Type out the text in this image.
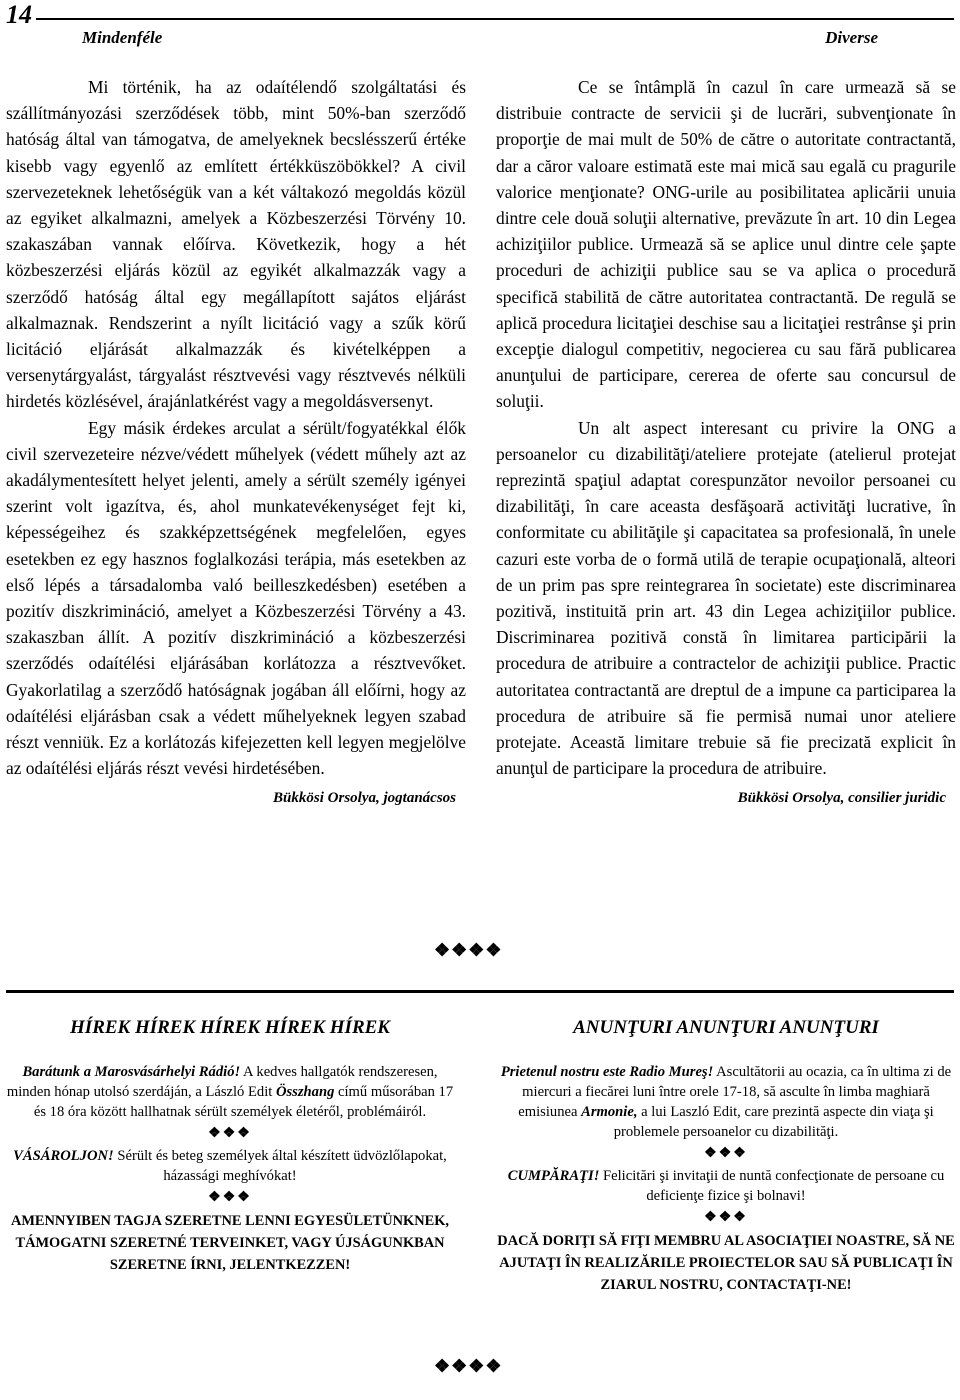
14
Mindenféle	Diverse

Mi történik, ha az odaítélendő szolgáltatási és szállítmányozási szerződések több, mint 50%-ban szerződő hatóság által van támogatva, de amelyeknek becslésszerű értéke kisebb vagy egyenlő az említett értékküszöbökkel? A civil szervezeteknek lehetőségük van a két váltakozó megoldás közül az egyiket alkalmazni, amelyek a Közbeszerzési Törvény 10. szakaszában vannak előírva. Következik, hogy a hét közbeszerzési eljárás közül az egyikét alkalmazzák vagy a szerződő hatóság által egy megállapított sajátos eljárást alkalmaznak. Rendszerint a nyílt licitáció vagy a szűk körű licitáció eljárását alkalmazzák és kivételképpen a versenytárgyalást, tárgyalást résztvevési vagy résztvevés nélküli hirdetés közlésével, árajánlatkérést vagy a megoldásversenyt.

Egy másik érdekes arculat a sérült/fogyatékkal élők civil szervezeteire nézve/védett műhelyek (védett műhely azt az akadálymentesített helyet jelenti, amely a sérült személy igényei szerint volt igazítva, és, ahol munkatevékenységet fejt ki, képességeihez és szakképzettségének megfelelően, egyes esetekben ez egy hasznos foglalkozási terápia, más esetekben az első lépés a társadalomba való beilleszkedésben) esetében a pozitív diszkrimináció, amelyet a Közbeszerzési Törvény a 43. szakaszban állít. A pozitív diszkrimináció a közbeszerzési szerződés odaítélési eljárásában korlátozza a résztvevőket. Gyakorlatilag a szerződő hatóságnak jogában áll előírni, hogy az odaítélési eljárásban csak a védett műhelyeknek legyen szabad részt venniük. Ez a korlátozás kifejezetten kell legyen megjelölve az odaítélési eljárás részt vevési hirdetésében.

Bükkösi Orsolya, jogtanácsos

Ce se întâmplă în cazul în care urmează să se distribuie contracte de servicii şi de lucrări, subvenţionate în proporţie de mai mult de 50% de către o autoritate contractantă, dar a căror valoare estimată este mai mică sau egală cu pragurile valorice menţionate? ONG-urile au posibilitatea aplicării unuia dintre cele două soluţii alternative, prevăzute în art. 10 din Legea achiziţiilor publice. Urmează să se aplice unul dintre cele şapte proceduri de achiziţii publice sau se va aplica o procedură specifică stabilită de către autoritatea contractantă. De regulă se aplică procedura licitaţiei deschise sau a licitaţiei restrânse şi prin excepţie dialogul competitiv, negocierea cu sau fără publicarea anunţului de participare, cererea de oferte sau concursul de soluţii.

Un alt aspect interesant cu privire la ONG a persoanelor cu dizabilităţi/ateliere protejate (atelierul protejat reprezintă spaţiul adaptat corespunzător nevoilor persoanei cu dizabilităţi, în care aceasta desfăşoară activităţi lucrative, în conformitate cu abilităţile şi capacitatea sa profesională, în unele cazuri este vorba de o formă utilă de terapie ocupaţională, alteori de un prim pas spre reintegrarea în societate) este discriminarea pozitivă, instituită prin art. 43 din Legea achiziţiilor publice. Discriminarea pozitivă constă în limitarea participării la procedura de atribuire a contractelor de achiziţii publice. Practic autoritatea contractantă are dreptul de a impune ca participarea la procedura de atribuire să fie permisă numai unor ateliere protejate. Această limitare trebuie să fie precizată explicit în anunţul de participare la procedura de atribuire.

Bükkösi Orsolya, consilier juridic
❖❖❖❖
HÍREK HÍREK HÍREK HÍREK HÍREK

Barátunk a Marosvásárhelyi Rádió! A kedves hallgatók rendszeresen, minden hónap utolsó szerdáján, a László Edit Összhang című műsorában 17 és 18 óra között hallhatnak sérült személyek életéről, problémáiról.

❖❖❖

VÁSÁROLJON! Sérült és beteg személyek által készített üdvözlőlapokat, házassági meghívókat!

❖❖❖
AMENNYIBEN TAGJA SZERETNE LENNI EGYESÜLETÜNKNEK, TÁMOGATNI SZERETNÉ TERVEINKET, VAGY ÚJSÁGUNKBAN SZERETNE ÍRNI, JELENTKEZZEN!
ANUNŢURI ANUNŢURI ANUNŢURI

Prietenul nostru este Radio Mureş! Ascultătorii au ocazia, ca în ultima zi de miercuri a fiecărei luni între orele 17-18, să asculte în limba maghiară emisiunea Armonie, a lui Laszló Edit, care prezintă aspecte din viaţa şi problemele persoanelor cu dizabilităţi.

❖❖❖

CUMPĂRAŢI! Felicitări şi invitaţii de nuntă confecţionate de persoane cu deficienţe fizice şi bolnavi!

❖❖❖
DACĂ DORIŢI SĂ FIŢI MEMBRU AL ASOCIAŢIEI NOASTRE, SĂ NE AJUTAŢI ÎN REALIZĂRILE PROIECTELOR SAU SĂ PUBLICAŢI ÎN ZIARUL NOSTRU, CONTACTAŢI-NE!
❖❖❖❖
